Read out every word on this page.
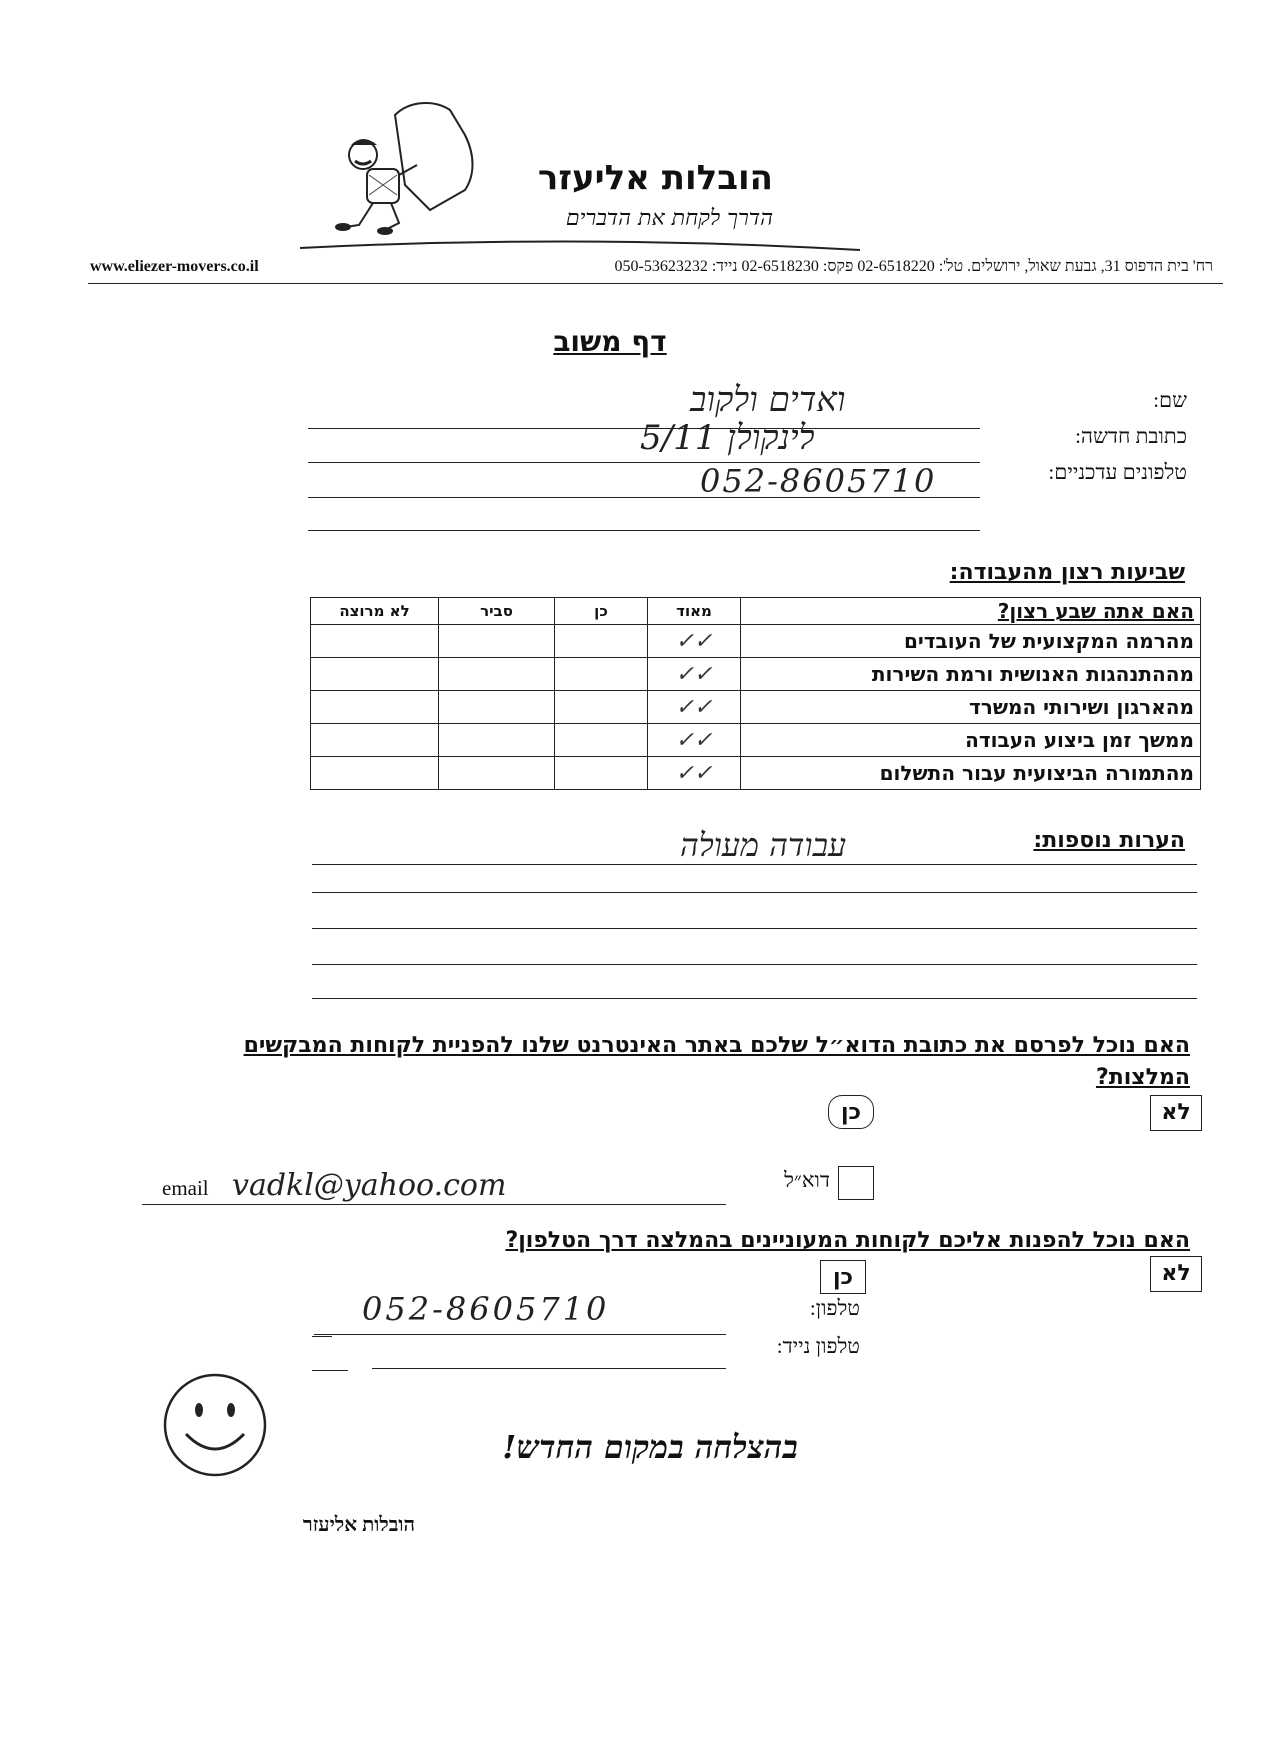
הובלות אליעזר
הדרך לקחת את הדברים
רח' בית הדפוס 31, גבעת שאול, ירושלים. טל': 02-6518220 פקס: 02-6518230 נייד: 050-53623232
www.eliezer-movers.co.il
דף משוב
שם:
ואדים ולקוב
כתובת חדשה:
לינקולן 5/11
טלפונים עדכניים:
052-8605710
שביעות רצון מהעבודה:
לא מרוצה	סביר	כן	מאוד	האם אתה שבע רצון?
			✓✓	מהרמה המקצועית של העובדים
			✓✓	מההתנהגות האנושית ורמת השירות
			✓✓	מהארגון ושירותי המשרד
			✓✓	ממשך זמן ביצוע העבודה
			✓✓	מהתמורה הביצועית עבור התשלום
הערות נוספות:
עבודה מעולה
האם נוכל לפרסם את כתובת הדוא״ל שלכם באתר האינטרנט שלנו להפניית לקוחות המבקשים המלצות?
לא
כן
דוא״ל
email vadkl@yahoo.com
האם נוכל להפנות אליכם לקוחות המעוניינים בהמלצה דרך הטלפון?
לא
כן
טלפון:
052-8605710
טלפון נייד:
בהצלחה במקום החדש!
הובלות אליעזר
